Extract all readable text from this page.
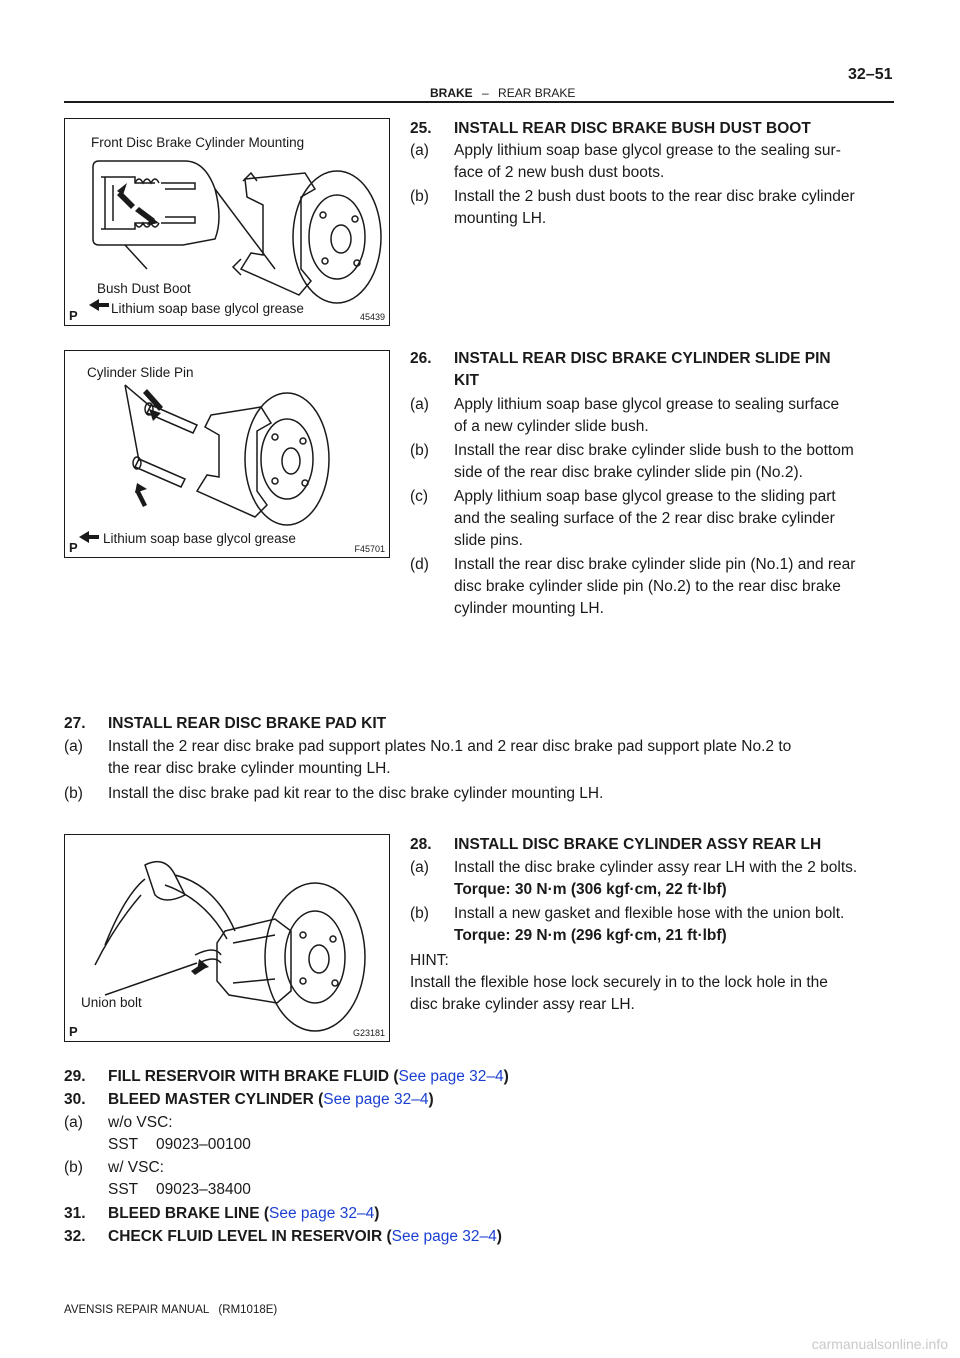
32–51
BRAKE – REAR BRAKE
Front Disc Brake Cylinder Mounting
Bush Dust Boot
Lithium soap base glycol grease
P	45439
Cylinder Slide Pin
Lithium soap base glycol grease
P	F45701
Union bolt
P	G23181
25. INSTALL REAR DISC BRAKE BUSH DUST BOOT
(a) Apply lithium soap base glycol grease to the sealing sur-
face of 2 new bush dust boots.
(b) Install the 2 bush dust boots to the rear disc brake cylinder
mounting LH.
26. INSTALL REAR DISC BRAKE CYLINDER SLIDE PIN
KIT
(a) Apply lithium soap base glycol grease to sealing surface
of a new cylinder slide bush.
(b) Install the rear disc brake cylinder slide bush to the bottom
side of the rear disc brake cylinder slide pin (No.2).
(c) Apply lithium soap base glycol grease to the sliding part
and the sealing surface of the 2 rear disc brake cylinder
slide pins.
(d) Install the rear disc brake cylinder slide pin (No.1) and rear
disc brake cylinder slide pin (No.2) to the rear disc brake
cylinder mounting LH.
27. INSTALL REAR DISC BRAKE PAD KIT
(a) Install the 2 rear disc brake pad support plates No.1 and 2 rear disc brake pad support plate No.2 to
the rear disc brake cylinder mounting LH.
(b) Install the disc brake pad kit rear to the disc brake cylinder mounting LH.
28. INSTALL DISC BRAKE CYLINDER ASSY REAR LH
(a) Install the disc brake cylinder assy rear LH with the 2 bolts.
Torque: 30 N·m (306 kgf·cm, 22 ft·lbf)
(b) Install a new gasket and flexible hose with the union bolt.
Torque: 29 N·m (296 kgf·cm, 21 ft·lbf)
HINT:
Install the flexible hose lock securely in to the lock hole in the
disc brake cylinder assy rear LH.
29. FILL RESERVOIR WITH BRAKE FLUID (See page 32–4)
30. BLEED MASTER CYLINDER (See page 32–4)
(a) w/o VSC:
SST 09023–00100
(b) w/ VSC:
SST 09023–38400
31. BLEED BRAKE LINE (See page 32–4)
32. CHECK FLUID LEVEL IN RESERVOIR (See page 32–4)
AVENSIS REPAIR MANUAL   (RM1018E)
carmanualsonline.info
